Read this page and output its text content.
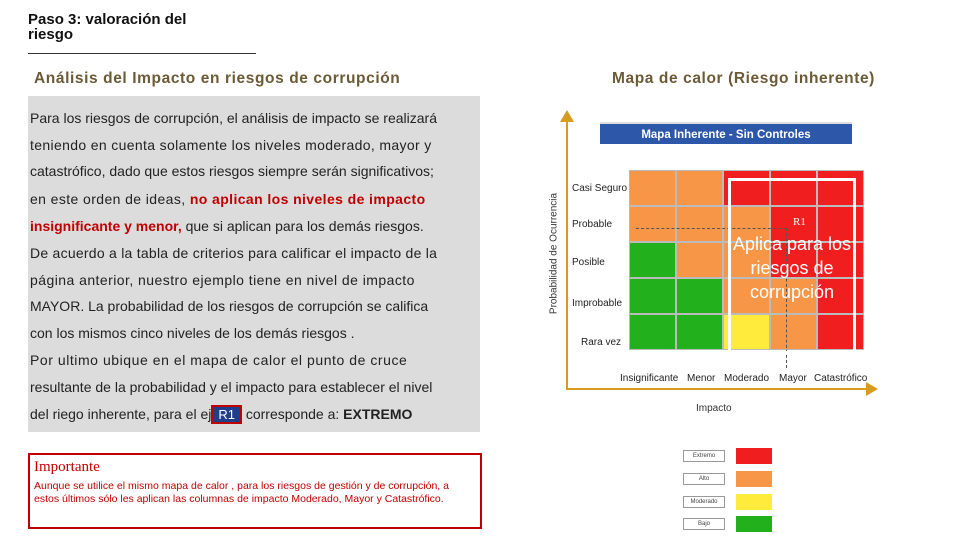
Paso 3: valoración del riesgo
Análisis del Impacto en riesgos de corrupción	Mapa de calor (Riesgo inherente)
Para los riesgos de corrupción, el análisis de impacto se realizará
teniendo en cuenta solamente los niveles moderado, mayor y
catastrófico, dado que estos riesgos siempre serán significativos;
en este orden de ideas, no aplican los niveles de impacto
insignificante y menor, que si aplican para los demás riesgos.
De acuerdo a la tabla de criterios para calificar el impacto de la
página anterior, nuestro ejemplo tiene en nivel de impacto
MAYOR. La probabilidad de los riesgos de corrupción se califica
con los mismos cinco niveles de los demás riesgos .
Por ultimo ubique en el mapa de calor el punto de cruce
resultante de la probabilidad y el impacto para establecer el nivel
del riego inherente, para el ej R1 corresponde a: EXTREMO
Importante
Aunque se utilice el mismo mapa de calor , para los riesgos de gestión y de corrupción, a estos últimos sólo les aplican las columnas de impacto Moderado, Mayor y Catastrófico.
Mapa Inherente - Sin Controles
Probabilidad de Ocurrencia
Impacto
Casi Seguro
Probable
Posible
Improbable
Rara vez
Insignificante Menor Moderado Mayor Catastrófico
R1
Aplica para los riesgos de corrupción
Extremo
Alto
Moderado
Bajo
